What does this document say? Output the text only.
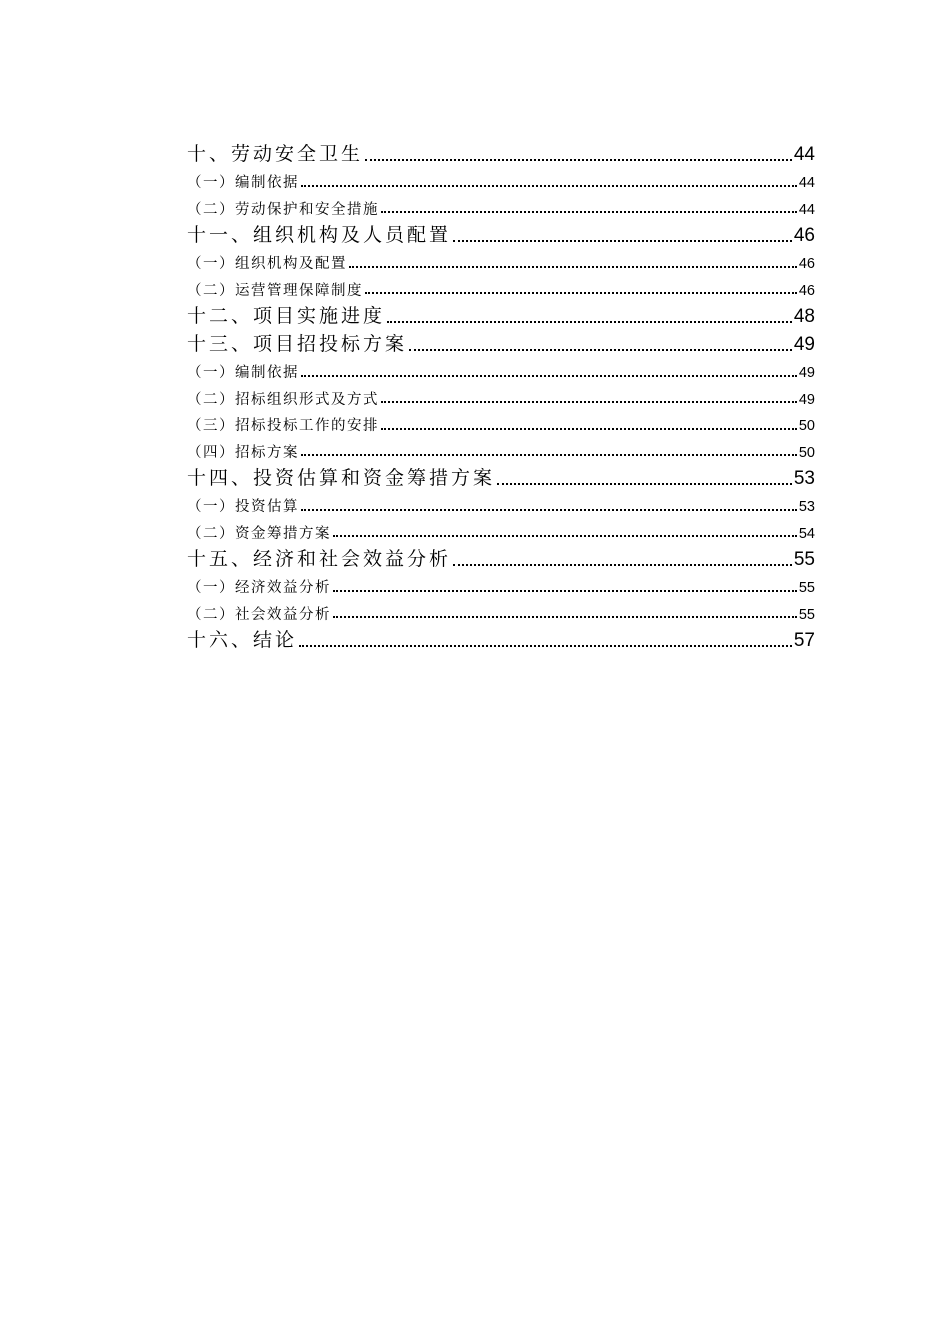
十、劳动安全卫生	44
（一）编制依据	44
（二）劳动保护和安全措施	44
十一、组织机构及人员配置	46
（一）组织机构及配置	46
（二）运营管理保障制度	46
十二、项目实施进度	48
十三、项目招投标方案	49
（一）编制依据	49
（二）招标组织形式及方式	49
（三）招标投标工作的安排	50
（四）招标方案	50
十四、投资估算和资金筹措方案	53
（一）投资估算	53
（二）资金筹措方案	54
十五、经济和社会效益分析	55
（一）经济效益分析	55
（二）社会效益分析	55
十六、结论	57
